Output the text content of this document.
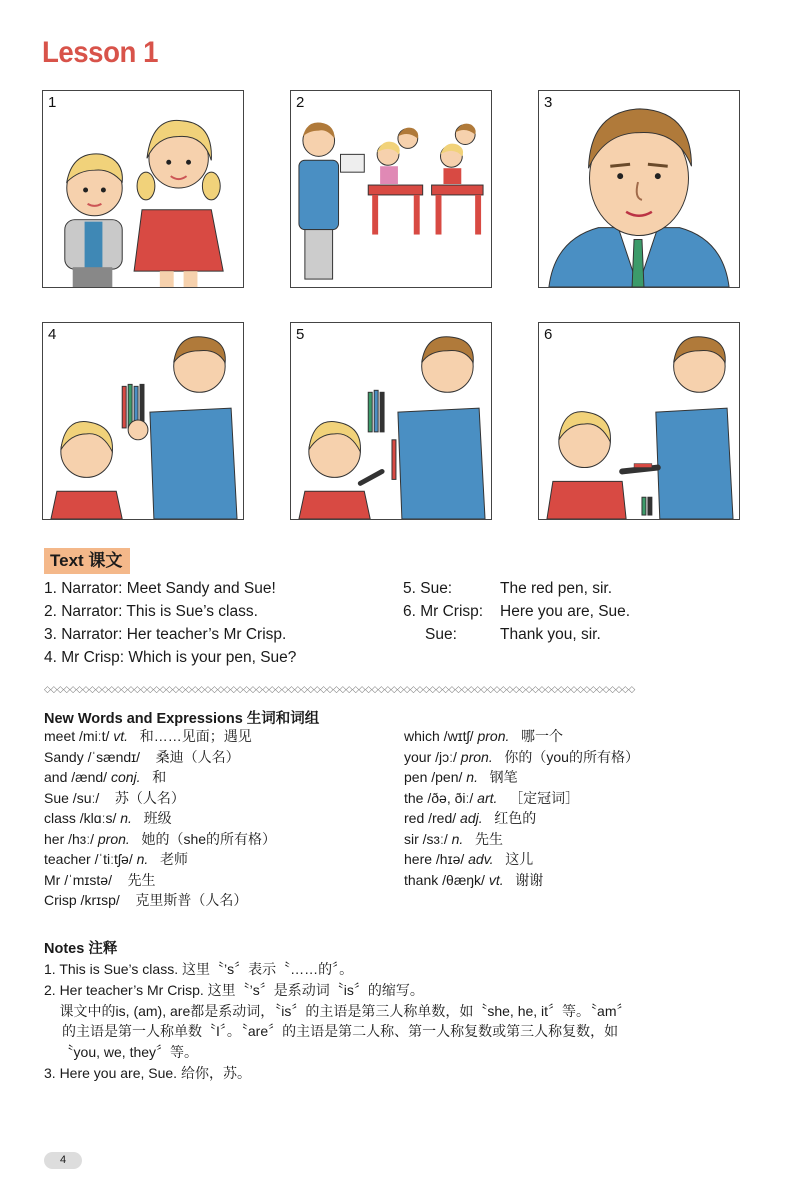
Lesson 1
1	2	3
4	5	6
Text 课文
1. Narrator: Meet Sandy and Sue!
2. Narrator: This is Sue’s class.
3. Narrator: Her teacher’s Mr Crisp.
4. Mr Crisp: Which is your pen, Sue?
5. Sue:	The red pen, sir.
6. Mr Crisp: Here you are, Sue.
Sue:	Thank you, sir.
◇◇◇◇◇◇◇◇◇◇◇◇◇◇◇◇◇◇◇◇◇◇◇◇◇◇◇◇◇◇◇◇◇◇◇◇◇◇◇◇◇◇◇◇◇◇◇◇◇◇◇◇◇◇◇◇◇◇◇◇◇◇◇◇◇◇◇◇◇◇◇◇◇◇◇◇◇◇◇◇◇◇◇◇◇◇◇◇◇◇◇◇
New Words and Expressions 生词和词组
meet /miːt/ vt. 和……见面；遇见
Sandy /ˈsændɪ/ 桑迪（人名）
and /ænd/ conj. 和
Sue /suː/ 苏（人名）
class /klɑːs/ n. 班级
her /hɜː/ pron. 她的（she的所有格）
teacher /ˈtiːtʃə/ n. 老师
Mr /ˈmɪstə/ 先生
Crisp /krɪsp/ 克里斯普（人名）
which /wɪtʃ/ pron. 哪一个
your /jɔː/ pron. 你的（you的所有格）
pen /pen/ n. 钢笔
the /ðə, ðiː/ art. ［定冠词］
red /red/ adj. 红色的
sir /sɜː/ n. 先生
here /hɪə/ adv. 这儿
thank /θæŋk/ vt. 谢谢
Notes 注释
1. This is Sue’s class. 这里〝’s〞表示〝……的〞。
2. Her teacher’s Mr Crisp. 这里〝’s〞是系动词〝is〞的缩写。
课文中的is, (am), are都是系动词，〝is〞的主语是第三人称单数，如〝she, he, it〞等。〝am〞
的主语是第一人称单数〝I〞。〝are〞的主语是第二人称、第一人称复数或第三人称复数，如
〝you, we, they〞等。
3. Here you are, Sue. 给你，苏。
4
